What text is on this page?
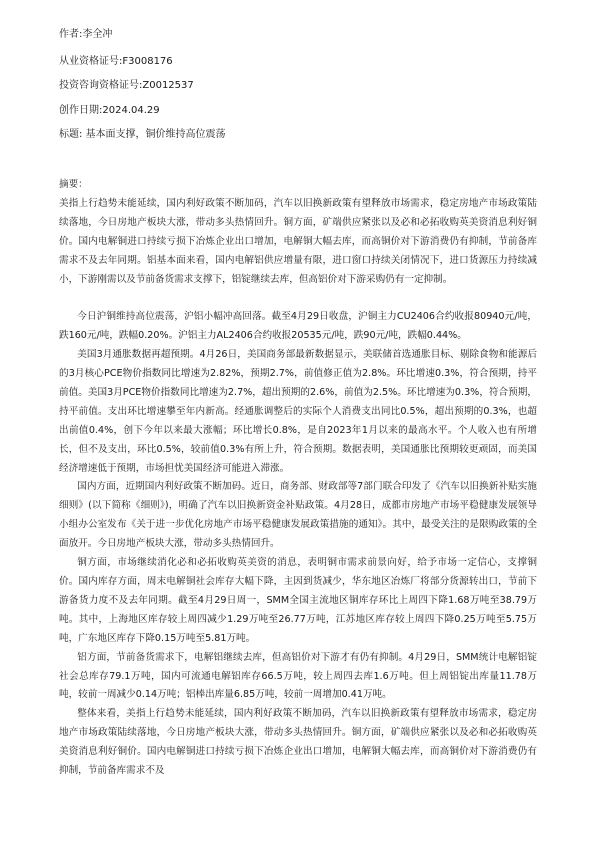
作者:李全冲
从业资格证号:F3008176
投资咨询资格证号:Z0012537
创作日期:2024.04.29
标题: 基本面支撑，铜价维持高位震荡

摘要：

美指上行趋势未能延续，国内利好政策不断加码，汽车以旧换新政策有望释放市场需求，稳定房地产市场政策陆续落地，今日房地产板块大涨，带动多头热情回升。铜方面，矿端供应紧张以及必和必拓收购英美资消息利好铜价。国内电解铜进口持续亏损下冶炼企业出口增加，电解铜大幅去库，而高铜价对下游消费仍有抑制，节前备库需求不及去年同期。铝基本面来看，国内电解铝供应增量有限，进口窗口持续关闭情况下，进口货源压力持续减小，下游刚需以及节前备货需求支撑下，铝锭继续去库，但高铝价对下游采购仍有一定抑制。

今日沪铜维持高位震荡，沪铝小幅冲高回落。截至4月29日收盘，沪铜主力CU2406合约收报80940元/吨，跌160元/吨，跌幅0.20%。沪铝主力AL2406合约收报20535元/吨，跌90元/吨，跌幅0.44%。

美国3月通胀数据再超预期。4月26日，美国商务部最新数据显示，美联储首选通胀目标、剔除食物和能源后的3月核心PCE物价指数同比增速为2.82%，预期2.7%，前值修正值为2.8%。环比增速0.3%，符合预期，持平前值。美国3月PCE物价指数同比增速为2.7%，超出预期的2.6%，前值为2.5%。环比增速为0.3%，符合预期，持平前值。支出环比增速攀至年内新高。经通胀调整后的实际个人消费支出同比0.5%，超出预期的0.3%，也超出前值0.4%，创下今年以来最大涨幅；环比增长0.8%，是自2023年1月以来的最高水平。个人收入也有所增长，但不及支出，环比0.5%，较前值0.3%有所上升，符合预期。数据表明，美国通胀比预期较更顽固，而美国经济增速低于预期，市场担忧美国经济可能进入滞涨。

国内方面，近期国内利好政策不断加码。近日，商务部、财政部等7部门联合印发了《汽车以旧换新补贴实施细则》(以下简称《细则》)，明确了汽车以旧换新资金补贴政策。4月28日，成都市房地产市场平稳健康发展领导小组办公室发布《关于进一步优化房地产市场平稳健康发展政策措施的通知》。其中，最受关注的是限购政策的全面放开。今日房地产板块大涨，带动多头热情回升。

铜方面，市场继续消化必和必拓收购英美资的消息，表明铜市需求前景向好，给予市场一定信心，支撑铜价。国内库存方面，周末电解铜社会库存大幅下降，主因到货减少，华东地区冶炼厂将部分货源转出口，节前下游备货力度不及去年同期。截至4月29日周一，SMM全国主流地区铜库存环比上周四下降1.68万吨至38.79万吨。其中，上海地区库存较上周四减少1.29万吨至26.77万吨，江苏地区库存较上周四下降0.25万吨至5.75万吨，广东地区库存下降0.15万吨至5.81万吨。

铝方面，节前备货需求下，电解铝继续去库，但高铝价对下游才有仍有抑制。4月29日，SMM统计电解铝锭社会总库存79.1万吨，国内可流通电解铝库存66.5万吨，较上周四去库1.6万吨。但上周铝锭出库量11.78万吨，较前一周减少0.14万吨；铝棒出库量6.85万吨，较前一周增加0.41万吨。

整体来看，美指上行趋势未能延续，国内利好政策不断加码，汽车以旧换新政策有望释放市场需求，稳定房地产市场政策陆续落地，今日房地产板块大涨，带动多头热情回升。铜方面，矿端供应紧张以及必和必拓收购英美资消息利好铜价。国内电解铜进口持续亏损下冶炼企业出口增加，电解铜大幅去库，而高铜价对下游消费仍有抑制，节前备库需求不及
